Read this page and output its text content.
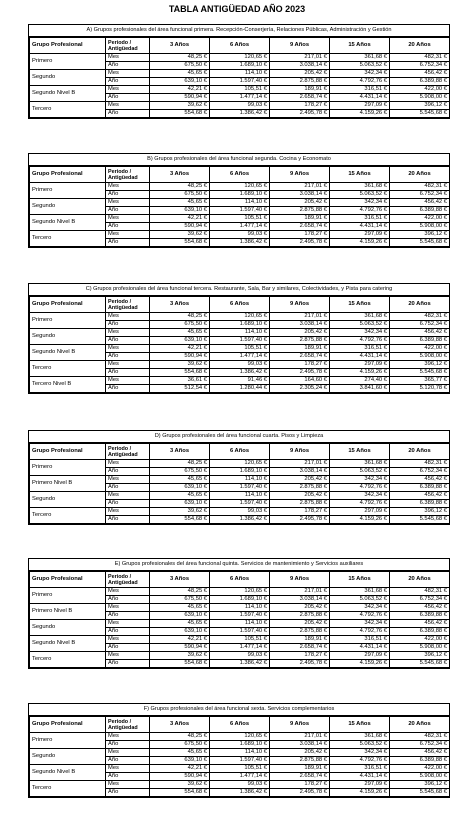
TABLA ANTIGÜEDAD AÑO 2023
A) Grupos profesionales del área funcional primera. Recepción-Conserjería, Relaciones Públicas, Administración y Gestión
Grupo Profesional	Periodo / Antigüedad	3 Años	6 Años	9 Años	15 Años	20 Años
Primero	Mes	48,25 €	120,65 €	217,01 €	361,68 €	482,31 €
	Año	675,50 €	1.689,10 €	3.038,14 €	5.063,52 €	6.752,34 €
Segundo	Mes	45,65 €	114,10 €	205,42 €	342,34 €	456,42 €
	Año	639,10 €	1.597,40 €	2.875,88 €	4.792,76 €	6.389,88 €
Segundo Nivel B	Mes	42,21 €	105,51 €	189,91 €	316,51 €	422,00 €
	Año	590,94 €	1.477,14 €	2.658,74 €	4.431,14 €	5.908,00 €
Tercero	Mes	39,62 €	99,03 €	178,27 €	297,09 €	396,12 €
	Año	554,68 €	1.386,42 €	2.495,78 €	4.159,26 €	5.545,68 €
B) Grupos profesionales del área funcional segunda. Cocina y Economato
Grupo Profesional	Periodo / Antigüedad	3 Años	6 Años	9 Años	15 Años	20 Años
Primero	Mes	48,25 €	120,65 €	217,01 €	361,68 €	482,31 €
	Año	675,50 €	1.689,10 €	3.038,14 €	5.063,52 €	6.752,34 €
Segundo	Mes	45,65 €	114,10 €	205,42 €	342,34 €	456,42 €
	Año	639,10 €	1.597,40 €	2.875,88 €	4.792,76 €	6.389,88 €
Segundo Nivel B	Mes	42,21 €	105,51 €	189,91 €	316,51 €	422,00 €
	Año	590,94 €	1.477,14 €	2.658,74 €	4.431,14 €	5.908,00 €
Tercero	Mes	39,62 €	99,03 €	178,27 €	297,09 €	396,12 €
	Año	554,68 €	1.386,42 €	2.495,78 €	4.159,26 €	5.545,68 €
C) Grupos profesionales del área funcional tercera. Restaurante, Sala, Bar y similares, Colectividades, y Pista para catering
Grupo Profesional	Periodo / Antigüedad	3 Años	6 Años	9 Años	15 Años	20 Años
Primero	Mes	48,25 €	120,65 €	217,01 €	361,68 €	482,31 €
	Año	675,50 €	1.689,10 €	3.038,14 €	5.063,52 €	6.752,34 €
Segundo	Mes	45,65 €	114,10 €	205,42 €	342,34 €	456,42 €
	Año	639,10 €	1.597,40 €	2.875,88 €	4.792,76 €	6.389,88 €
Segundo Nivel B	Mes	42,21 €	105,51 €	189,91 €	316,51 €	422,00 €
	Año	590,94 €	1.477,14 €	2.658,74 €	4.431,14 €	5.908,00 €
Tercero	Mes	39,62 €	99,03 €	178,27 €	297,09 €	396,12 €
	Año	554,68 €	1.386,42 €	2.495,78 €	4.159,26 €	5.545,68 €
Tercero Nivel B	Mes	36,61 €	91,46 €	164,60 €	274,40 €	365,77 €
	Año	512,54 €	1.280,44 €	2.305,24 €	3.841,60 €	5.120,78 €
D) Grupos profesionales del área funcional cuarta. Pisos y Limpieza
Grupo Profesional	Periodo / Antigüedad	3 Años	6 Años	9 Años	15 Años	20 Años
Primero	Mes	48,25 €	120,65 €	217,01 €	361,68 €	482,31 €
	Año	675,50 €	1.689,10 €	3.038,14 €	5.063,52 €	6.752,34 €
Primero Nivel B	Mes	45,65 €	114,10 €	205,42 €	342,34 €	456,42 €
	Año	639,10 €	1.597,40 €	2.875,88 €	4.792,76 €	6.389,88 €
Segundo	Mes	45,65 €	114,10 €	205,42 €	342,34 €	456,42 €
	Año	639,10 €	1.597,40 €	2.875,88 €	4.792,76 €	6.389,88 €
Tercero	Mes	39,62 €	99,03 €	178,27 €	297,09 €	396,12 €
	Año	554,68 €	1.386,42 €	2.495,78 €	4.159,26 €	5.545,68 €
E) Grupos profesionales del área funcional quinta. Servicios de mantenimiento y Servicios auxiliares
Grupo Profesional	Periodo / Antigüedad	3 Años	6 Años	9 Años	15 Años	20 Años
Primero	Mes	48,25 €	120,65 €	217,01 €	361,68 €	482,31 €
	Año	675,50 €	1.689,10 €	3.038,14 €	5.063,52 €	6.752,34 €
Primero Nivel B	Mes	45,65 €	114,10 €	205,42 €	342,34 €	456,42 €
	Año	639,10 €	1.597,40 €	2.875,88 €	4.792,76 €	6.389,88 €
Segundo	Mes	45,65 €	114,10 €	205,42 €	342,34 €	456,42 €
	Año	639,10 €	1.597,40 €	2.875,88 €	4.792,76 €	6.389,88 €
Segundo Nivel B	Mes	42,21 €	105,51 €	189,91 €	316,51 €	422,00 €
	Año	590,94 €	1.477,14 €	2.658,74 €	4.431,14 €	5.908,00 €
Tercero	Mes	39,62 €	99,03 €	178,27 €	297,09 €	396,12 €
	Año	554,68 €	1.386,42 €	2.495,78 €	4.159,26 €	5.545,68 €
F) Grupos profesionales del área funcional sexta. Servicios complementarios
Grupo Profesional	Periodo / Antigüedad	3 Años	6 Años	9 Años	15 Años	20 Años
Primero	Mes	48,25 €	120,65 €	217,01 €	361,68 €	482,31 €
	Año	675,50 €	1.689,10 €	3.038,14 €	5.063,52 €	6.752,34 €
Segundo	Mes	45,65 €	114,10 €	205,42 €	342,34 €	456,42 €
	Año	639,10 €	1.597,40 €	2.875,88 €	4.792,76 €	6.389,88 €
Segundo Nivel B	Mes	42,21 €	105,51 €	189,91 €	316,51 €	422,00 €
	Año	590,94 €	1.477,14 €	2.658,74 €	4.431,14 €	5.908,00 €
Tercero	Mes	39,62 €	99,03 €	178,27 €	297,09 €	396,12 €
	Año	554,68 €	1.386,42 €	2.495,78 €	4.159,26 €	5.545,68 €
